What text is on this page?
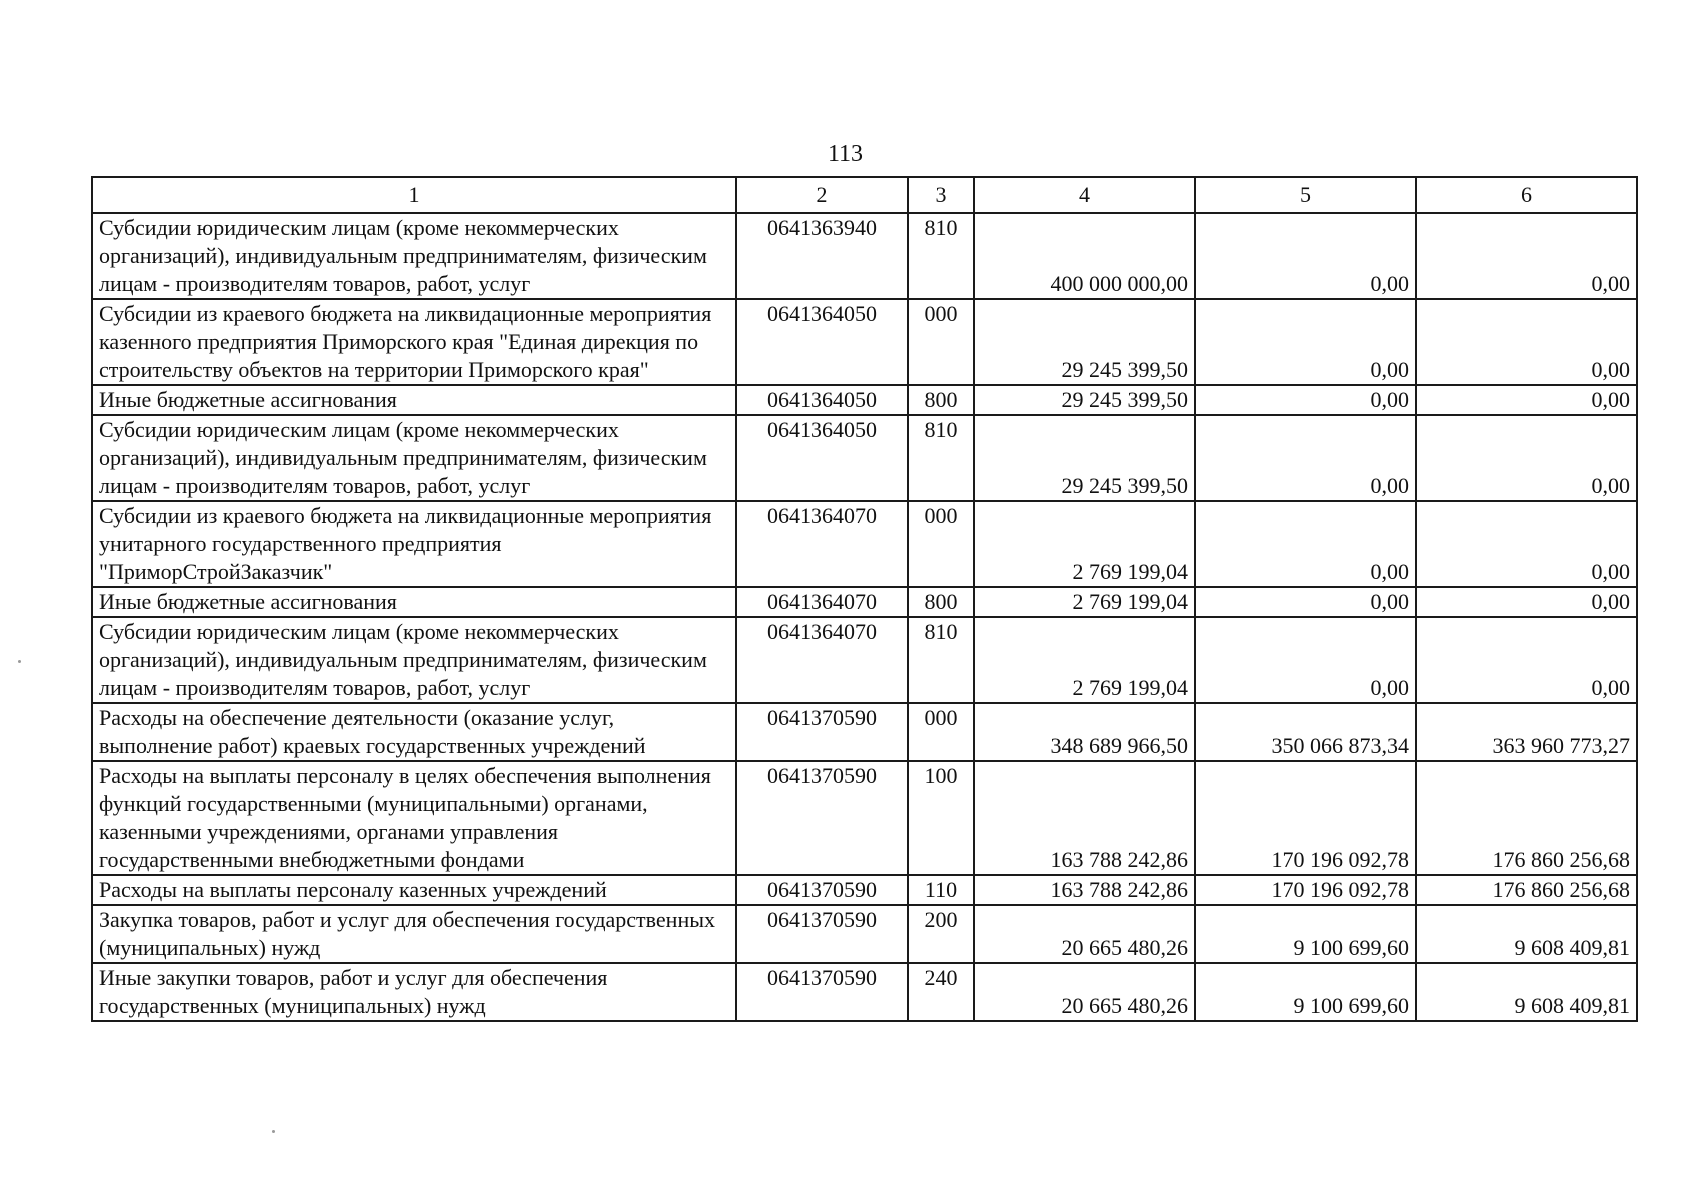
113
1	2	3	4	5	6
Субсидии юридическим лицам (кроме некоммерческих организаций), индивидуальным предпринимателям, физическим лицам - производителям товаров, работ, услуг	0641363940	810	400 000 000,00	0,00	0,00
Субсидии из краевого бюджета на ликвидационные мероприятия казенного предприятия Приморского края "Единая дирекция по строительству объектов на территории Приморского края"	0641364050	000	29 245 399,50	0,00	0,00
Иные бюджетные ассигнования	0641364050	800	29 245 399,50	0,00	0,00
Субсидии юридическим лицам (кроме некоммерческих организаций), индивидуальным предпринимателям, физическим лицам - производителям товаров, работ, услуг	0641364050	810	29 245 399,50	0,00	0,00
Субсидии из краевого бюджета на ликвидационные мероприятия унитарного государственного предприятия "ПриморСтройЗаказчик"	0641364070	000	2 769 199,04	0,00	0,00
Иные бюджетные ассигнования	0641364070	800	2 769 199,04	0,00	0,00
Субсидии юридическим лицам (кроме некоммерческих организаций), индивидуальным предпринимателям, физическим лицам - производителям товаров, работ, услуг	0641364070	810	2 769 199,04	0,00	0,00
Расходы на обеспечение деятельности (оказание услуг, выполнение работ) краевых государственных учреждений	0641370590	000	348 689 966,50	350 066 873,34	363 960 773,27
Расходы на выплаты персоналу в целях обеспечения выполнения функций государственными (муниципальными) органами, казенными учреждениями, органами управления государственными внебюджетными фондами	0641370590	100	163 788 242,86	170 196 092,78	176 860 256,68
Расходы на выплаты персоналу казенных учреждений	0641370590	110	163 788 242,86	170 196 092,78	176 860 256,68
Закупка товаров, работ и услуг для обеспечения государственных (муниципальных) нужд	0641370590	200	20 665 480,26	9 100 699,60	9 608 409,81
Иные закупки товаров, работ и услуг для обеспечения государственных (муниципальных) нужд	0641370590	240	20 665 480,26	9 100 699,60	9 608 409,81
